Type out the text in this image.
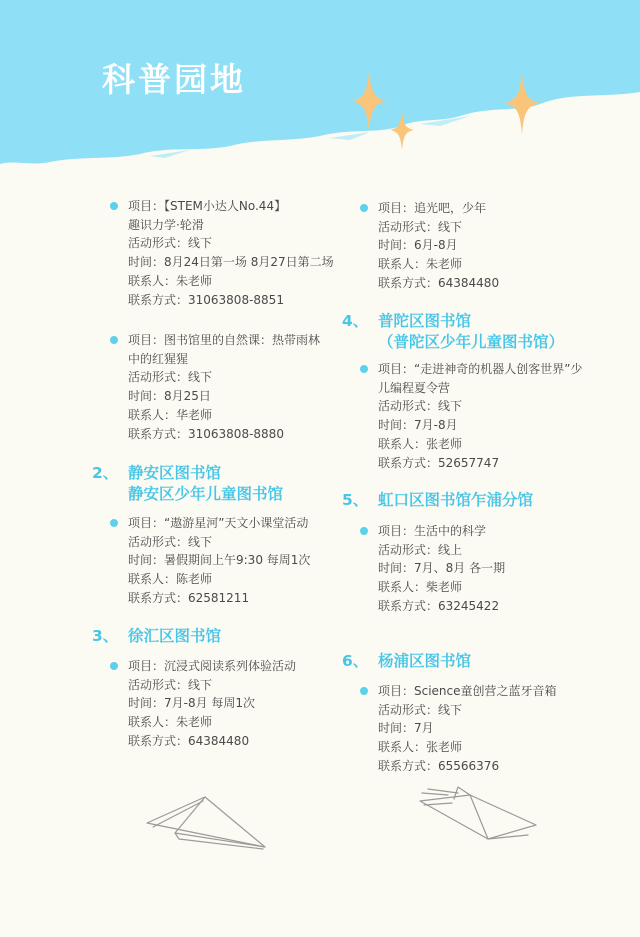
科普园地
项目：【STEM小达人No.44】
趣识力学·轮滑
活动形式：线下
时间：8月24日第一场 8月27日第二场
联系人：朱老师
联系方式：31063808-8851
项目：图书馆里的自然课：热带雨林中的红猩猩
活动形式：线下
时间：8月25日
联系人：华老师
联系方式：31063808-8880
2、 静安区图书馆
静安区少年儿童图书馆
项目：“遨游星河”天文小课堂活动
活动形式：线下
时间：暑假期间上午9:30 每周1次
联系人：陈老师
联系方式：62581211
3、 徐汇区图书馆
项目：沉浸式阅读系列体验活动
活动形式：线下
时间：7月-8月 每周1次
联系人：朱老师
联系方式：64384480
项目：追光吧，少年
活动形式：线下
时间：6月-8月
联系人：朱老师
联系方式：64384480
4、 普陀区图书馆
（普陀区少年儿童图书馆）
项目：“走进神奇的机器人创客世界”少儿编程夏令营
活动形式：线下
时间：7月-8月
联系人：张老师
联系方式：52657747
5、 虹口区图书馆乍浦分馆
项目：生活中的科学
活动形式：线上
时间：7月、8月 各一期
联系人：柴老师
联系方式：63245422
6、 杨浦区图书馆
项目：Science童创营之蓝牙音箱
活动形式：线下
时间：7月
联系人：张老师
联系方式：65566376
